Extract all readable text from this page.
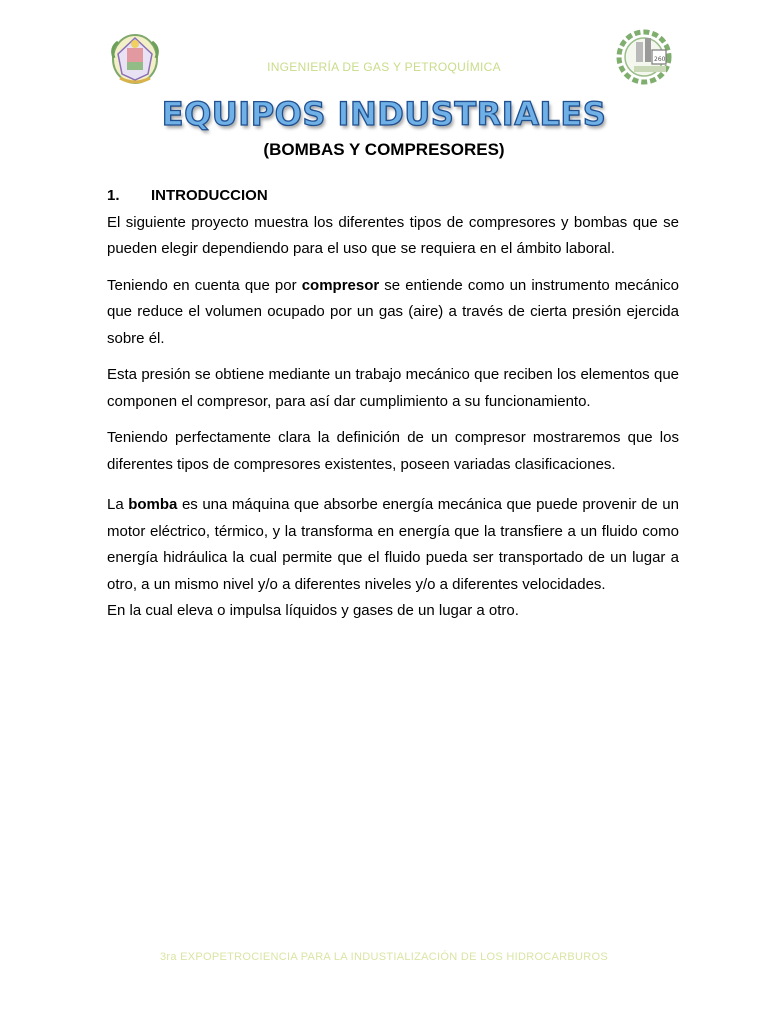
INGENIERÍA DE GAS Y PETROQUÍMICA
260
EQUIPOS INDUSTRIALES
(BOMBAS Y COMPRESORES)

1. INTRODUCCION

El siguiente proyecto muestra los diferentes tipos de compresores y bombas que se pueden elegir dependiendo para el uso que se requiera en el ámbito laboral.

Teniendo en cuenta que por compresor se entiende como un instrumento mecánico que reduce el volumen ocupado por un gas (aire) a través de cierta presión ejercida sobre él.

Esta presión se obtiene mediante un trabajo mecánico que reciben los elementos que componen el compresor, para así dar cumplimiento a su funcionamiento.

Teniendo perfectamente clara la definición de un compresor mostraremos que los diferentes tipos de compresores existentes, poseen variadas clasificaciones.

La bomba es una máquina que absorbe energía mecánica que puede provenir de un motor eléctrico, térmico, y la transforma en energía que la transfiere a un fluido como energía hidráulica la cual permite que el fluido pueda ser transportado de un lugar a otro, a un mismo nivel y/o a diferentes niveles y/o a diferentes velocidades.

En la cual eleva o impulsa líquidos y gases de un lugar a otro.

3ra EXPOPETROCIENCIA PARA LA INDUSTIALIZACIÓN DE LOS HIDROCARBUROS
